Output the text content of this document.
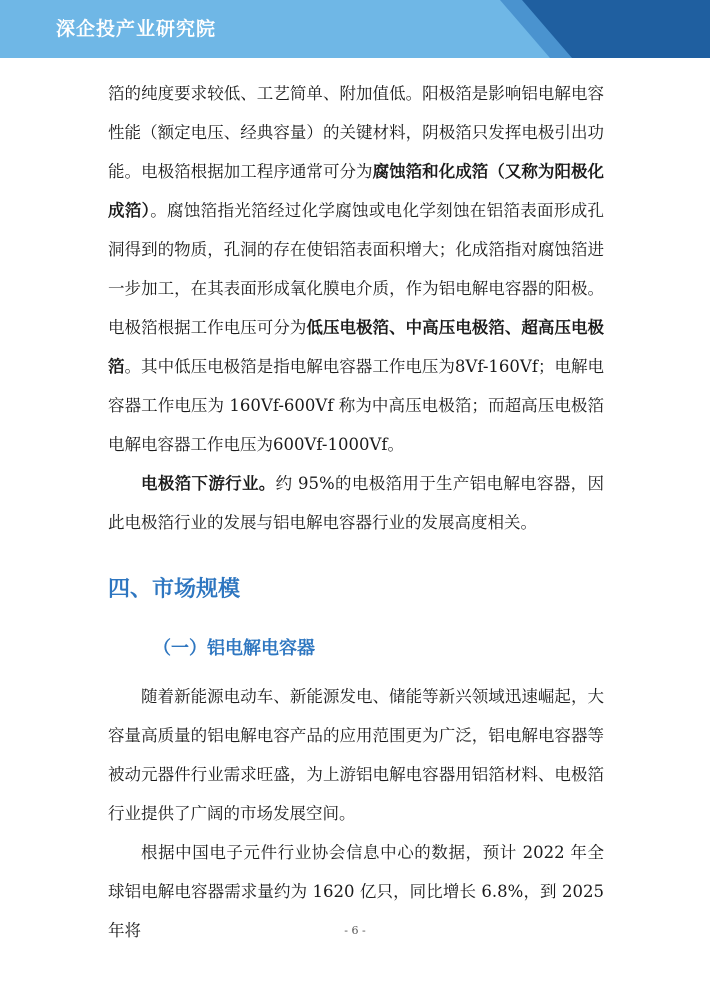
深企投产业研究院

箔的纯度要求较低、工艺简单、附加值低。阳极箔是影响铝电解电容性能（额定电压、经典容量）的关键材料，阴极箔只发挥电极引出功能。电极箔根据加工程序通常可分为腐蚀箔和化成箔（又称为阳极化成箔）。腐蚀箔指光箔经过化学腐蚀或电化学刻蚀在铝箔表面形成孔洞得到的物质，孔洞的存在使铝箔表面积增大；化成箔指对腐蚀箔进一步加工，在其表面形成氧化膜电介质，作为铝电解电容器的阳极。电极箔根据工作电压可分为低压电极箔、中高压电极箔、超高压电极箔。其中低压电极箔是指电解电容器工作电压为8Vf-160Vf；电解电容器工作电压为 160Vf-600Vf 称为中高压电极箔；而超高压电极箔电解电容器工作电压为600Vf-1000Vf。

电极箔下游行业。约 95%的电极箔用于生产铝电解电容器，因此电极箔行业的发展与铝电解电容器行业的发展高度相关。

四、市场规模
（一）铝电解电容器

随着新能源电动车、新能源发电、储能等新兴领域迅速崛起，大容量高质量的铝电解电容产品的应用范围更为广泛，铝电解电容器等被动元器件行业需求旺盛，为上游铝电解电容器用铝箔材料、电极箔行业提供了广阔的市场发展空间。

根据中国电子元件行业协会信息中心的数据，预计 2022 年全球铝电解电容器需求量约为 1620 亿只，同比增长 6.8%，到 2025 年将	- 6 -
